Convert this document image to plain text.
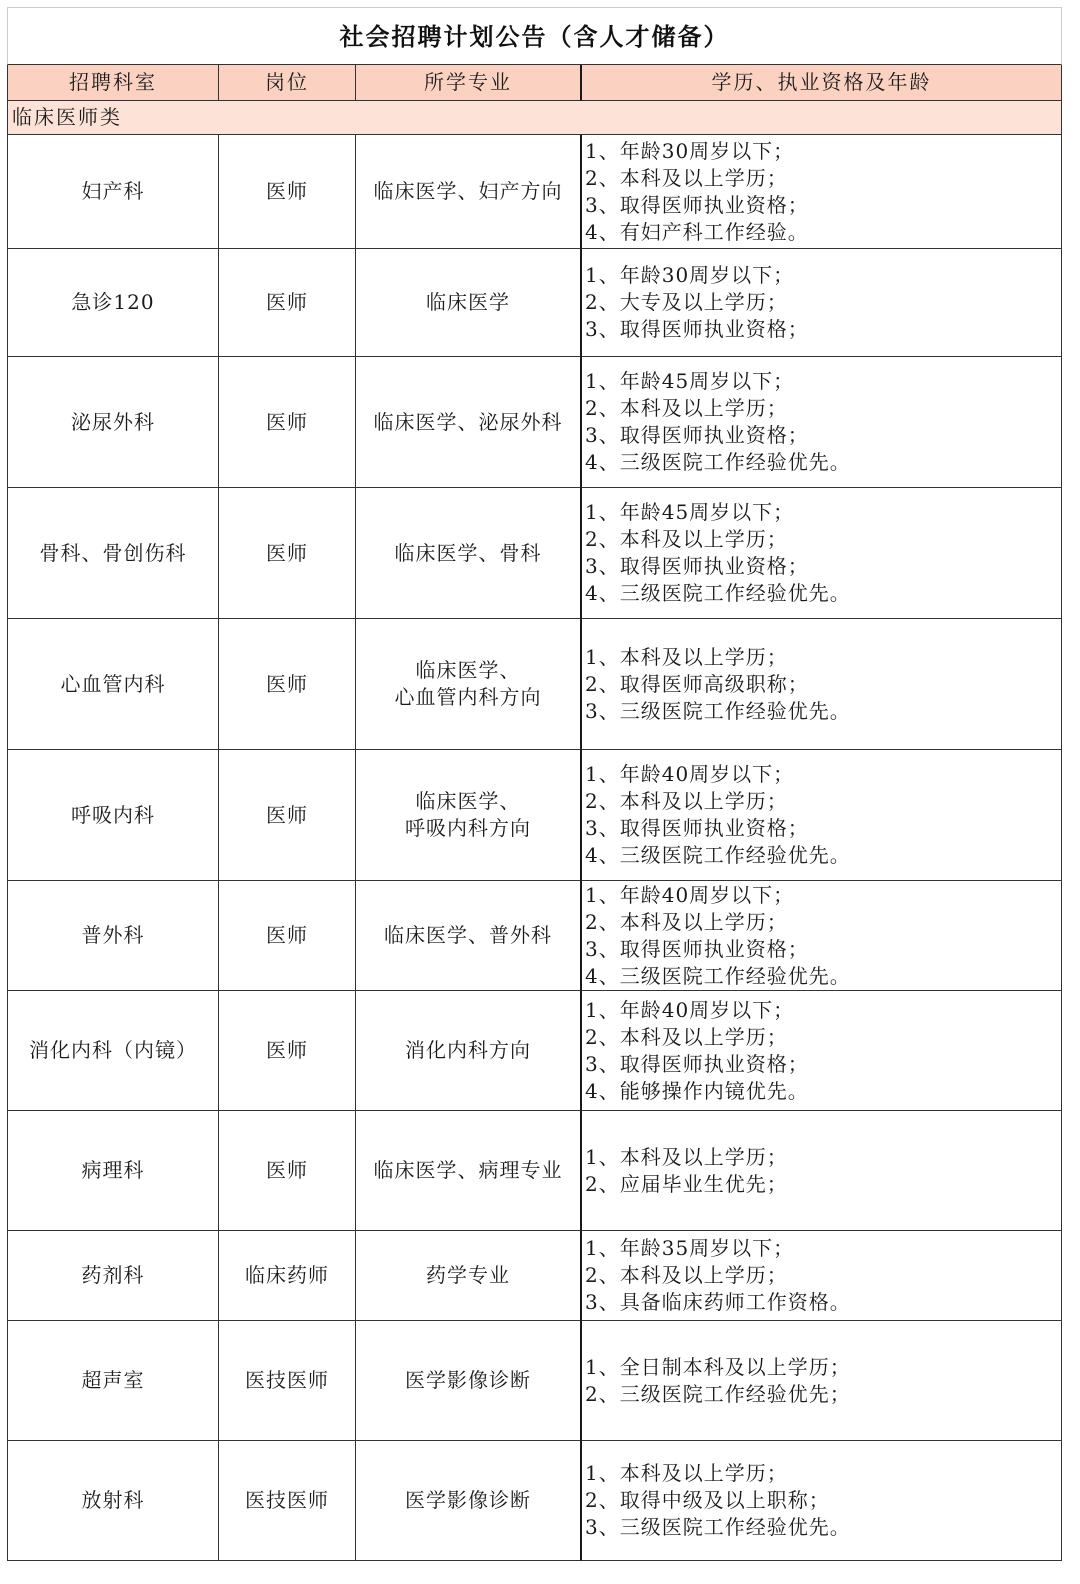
社会招聘计划公告（含人才储备）
招聘科室	岗位	所学专业	学历、执业资格及年龄
临床医师类
妇产科	医师	临床医学、妇产方向
1、年龄30周岁以下；
2、本科及以上学历；
3、取得医师执业资格；
4、有妇产科工作经验。
急诊120	医师	临床医学
1、年龄30周岁以下；
2、大专及以上学历；
3、取得医师执业资格；
泌尿外科	医师	临床医学、泌尿外科
1、年龄45周岁以下；
2、本科及以上学历；
3、取得医师执业资格；
4、三级医院工作经验优先。
骨科、骨创伤科	医师	临床医学、骨科
1、年龄45周岁以下；
2、本科及以上学历；
3、取得医师执业资格；
4、三级医院工作经验优先。
心血管内科	医师
临床医学、
心血管内科方向
1、本科及以上学历；
2、取得医师高级职称；
3、三级医院工作经验优先。
呼吸内科	医师
临床医学、
呼吸内科方向
1、年龄40周岁以下；
2、本科及以上学历；
3、取得医师执业资格；
4、三级医院工作经验优先。
普外科	医师	临床医学、普外科
1、年龄40周岁以下；
2、本科及以上学历；
3、取得医师执业资格；
4、三级医院工作经验优先。
消化内科（内镜）	医师	消化内科方向
1、年龄40周岁以下；
2、本科及以上学历；
3、取得医师执业资格；
4、能够操作内镜优先。
病理科	医师	临床医学、病理专业
1、本科及以上学历；
2、应届毕业生优先；
药剂科	临床药师	药学专业
1、年龄35周岁以下；
2、本科及以上学历；
3、具备临床药师工作资格。
超声室	医技医师	医学影像诊断
1、全日制本科及以上学历；
2、三级医院工作经验优先；
放射科	医技医师	医学影像诊断
1、本科及以上学历；
2、取得中级及以上职称；
3、三级医院工作经验优先。
